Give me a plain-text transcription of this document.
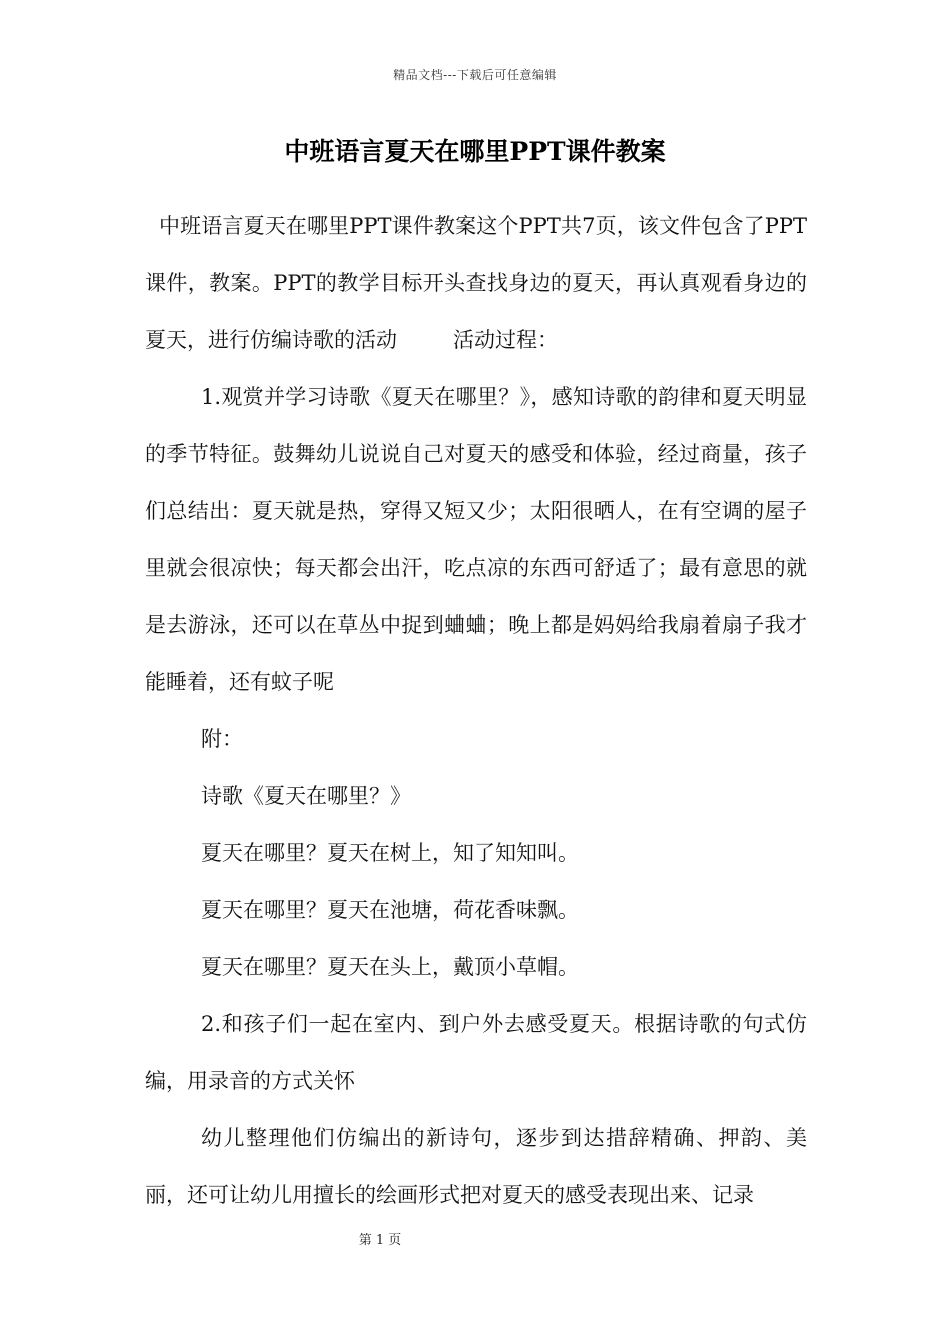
精品文档---下载后可任意编辑
中班语言夏天在哪里PPT课件教案

中班语言夏天在哪里PPT课件教案这个PPT共7页，该文件包含了PPT课件，教案。PPT的教学目标开头查找身边的夏天，再认真观看身边的夏天，进行仿编诗歌的活动	活动过程：

1.观赏并学习诗歌《夏天在哪里？》，感知诗歌的韵律和夏天明显的季节特征。鼓舞幼儿说说自己对夏天的感受和体验，经过商量，孩子们总结出：夏天就是热，穿得又短又少；太阳很晒人，在有空调的屋子里就会很凉快；每天都会出汗，吃点凉的东西可舒适了；最有意思的就是去游泳，还可以在草丛中捉到蛐蛐；晚上都是妈妈给我扇着扇子我才能睡着，还有蚊子呢

附：

诗歌《夏天在哪里？》

夏天在哪里？夏天在树上，知了知知叫。

夏天在哪里？夏天在池塘，荷花香味飘。

夏天在哪里？夏天在头上，戴顶小草帽。

2.和孩子们一起在室内、到户外去感受夏天。根据诗歌的句式仿编，用录音的方式关怀

幼儿整理他们仿编出的新诗句，逐步到达措辞精确、押韵、美丽，还可让幼儿用擅长的绘画形式把对夏天的感受表现出来、记录

第 1 页
